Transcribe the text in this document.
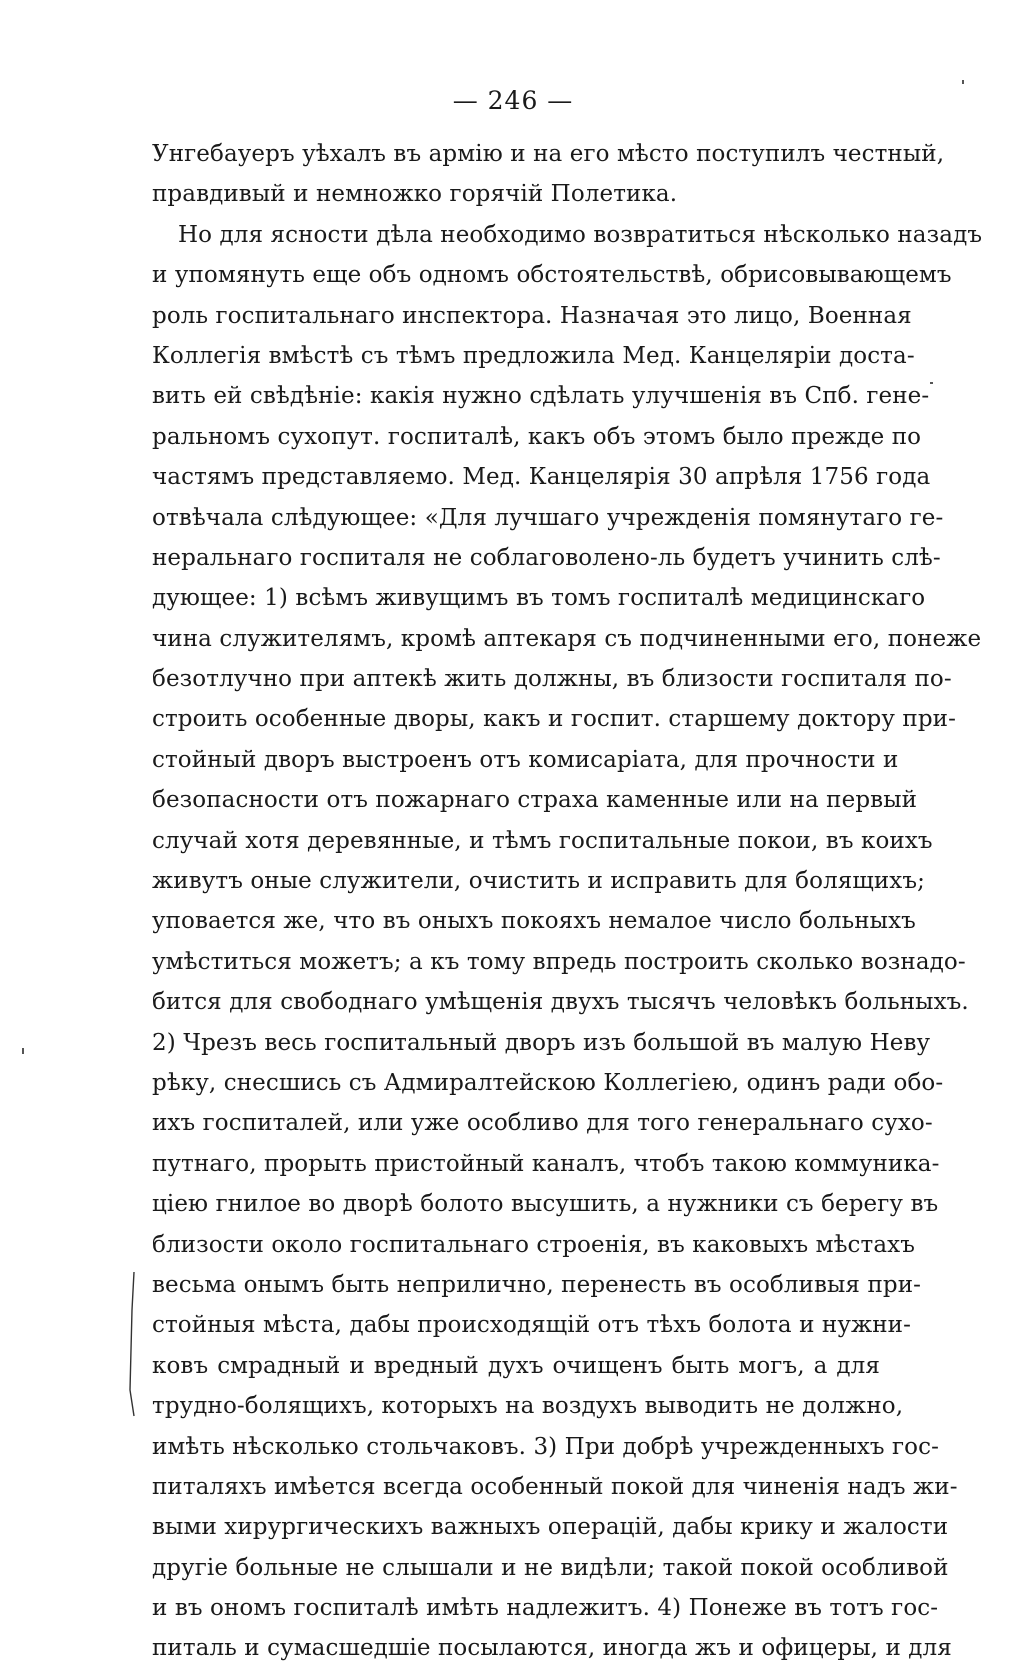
— 246 —
Унгебауеръ уѣхалъ въ армію и на его мѣсто поступилъ честный,
правдивый и немножко горячій Полетика.
Но для ясности дѣла необходимо возвратиться нѣсколько назадъ
и упомянуть еще объ одномъ обстоятельствѣ, обрисовывающемъ
роль госпитальнаго инспектора. Назначая это лицо, Военная
Коллегія вмѣстѣ съ тѣмъ предложила Мед. Канцеляріи доста-
вить ей свѣдѣніе: какія нужно сдѣлать улучшенія въ Спб. гене-
ральномъ сухопут. госпиталѣ, какъ объ этомъ было прежде по
частямъ представляемо. Мед. Канцелярія 30 апрѣля 1756 года
отвѣчала слѣдующее: «Для лучшаго учрежденія помянутаго ге-
неральнаго госпиталя не соблаговолено-ль будетъ учинить слѣ-
дующее: 1) всѣмъ живущимъ въ томъ госпиталѣ медицинскаго
чина служителямъ, кромѣ аптекаря съ подчиненными его, понеже
безотлучно при аптекѣ жить должны, въ близости госпиталя по-
строить особенные дворы, какъ и госпит. старшему доктору при-
стойный дворъ выстроенъ отъ комисаріата, для прочности и
безопасности отъ пожарнаго страха каменные или на первый
случай хотя деревянные, и тѣмъ госпитальные покои, въ коихъ
живутъ оные служители, очистить и исправить для болящихъ;
уповается же, что въ оныхъ покояхъ немалое число больныхъ
умѣститься можетъ; а къ тому впредь построить сколько вознадо-
бится для свободнаго умѣщенія двухъ тысячъ человѣкъ больныхъ.
2) Чрезъ весь госпитальный дворъ изъ большой въ малую Неву
рѣку, снесшись съ Адмиралтейскою Коллегіею, одинъ ради обо-
ихъ госпиталей, или уже особливо для того генеральнаго сухо-
путнаго, прорыть пристойный каналъ, чтобъ такою коммуника-
ціею гнилое во дворѣ болото высушить, а нужники съ берегу въ
близости около госпитальнаго строенія, въ каковыхъ мѣстахъ
весьма онымъ быть неприлично, перенесть въ особливыя при-
стойныя мѣста, дабы происходящій отъ тѣхъ болота и нужни-
ковъ смрадный и вредный духъ очищенъ быть могъ, а для
трудно-болящихъ, которыхъ на воздухъ выводить не должно,
имѣть нѣсколько стольчаковъ. 3) При добрѣ учрежденныхъ гос-
питаляхъ имѣется всегда особенный покой для чиненія надъ жи-
выми хирургическихъ важныхъ операцій, дабы крику и жалости
другіе больные не слышали и не видѣли; такой покой особливой
и въ ономъ госпиталѣ имѣть надлежитъ. 4) Понеже въ тотъ гос-
питаль и сумасшедшіе посылаются, иногда жъ и офицеры, и для
